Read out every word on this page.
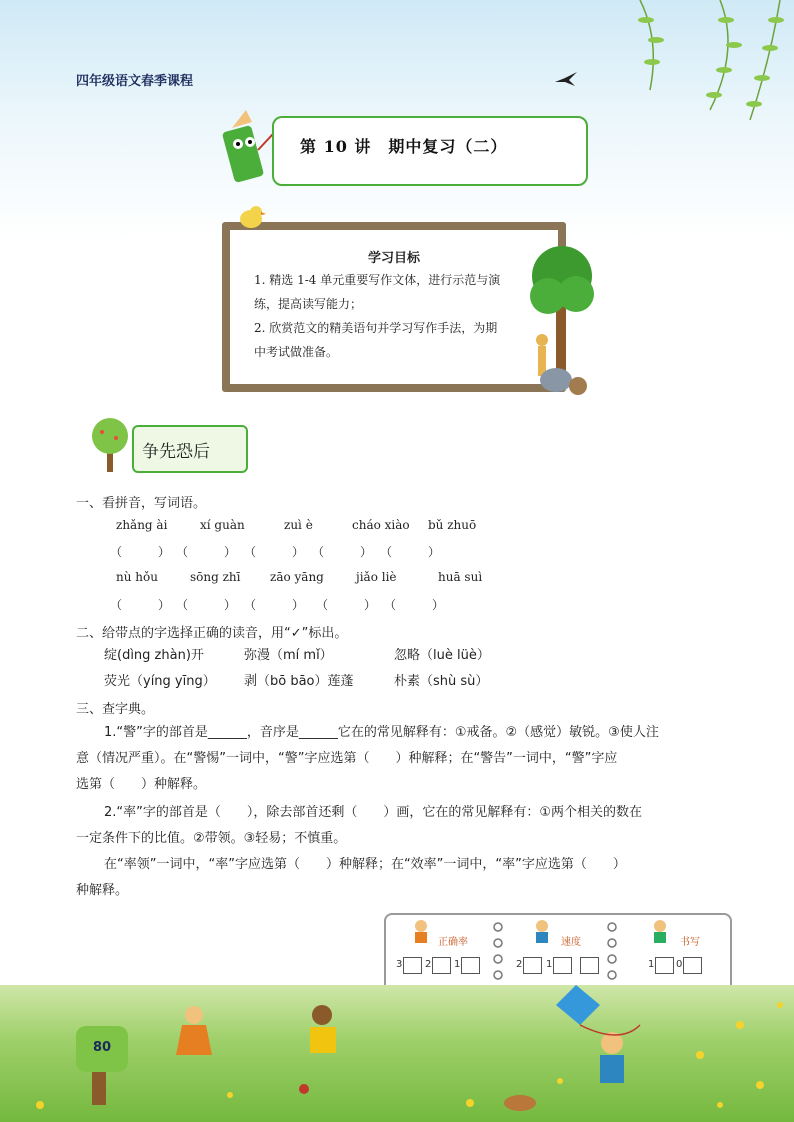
四年级语文春季课程
第 10 讲　期中复习（二）
学习目标
1. 精选 1-4 单元重要写作文体，进行示范与演
练，提高读写能力；
2. 欣赏范文的精美语句并学习写作手法，为期
中考试做准备。
争先恐后
一、看拼音，写词语。
zhǎng ài	xí guàn	zuì è	cháo xiào bǔ zhuō
（　　　） （　　　） （　　　） （　　　） （　　　）
nù hǒu	sōng zhī zāo yāng	jiǎo liè	huā suì
（　　　） （　　　） （　　　） （　　　） （　　　）
二、给带点的字选择正确的读音，用“✓”标出。
绽(dìng zhàn)开	弥漫（mí mǐ）	忽略（luè lüè）
荧光（yíng yīng） 剥（bō bāo）莲蓬	朴素（shù sù）
三、查字典。
1.“警”字的部首是______，音序是______它在的常见解释有：①戒备。②（感觉）敏锐。③使人注
意（情况严重）。在“警惕”一词中，“警”字应选第（　　）种解释；在“警告”一词中，“警”字应
选第（　　）种解释。
2.“率”字的部首是（　　），除去部首还剩（　　）画，它在的常见解释有：①两个相关的数在
一定条件下的比值。②带领。③轻易；不慎重。
在“率领”一词中，“率”字应选第（　　）种解释；在“效率”一词中，“率”字应选第（　　）
种解释。
正确率
3 2 1
速度
2 1
书写
1 0
80
